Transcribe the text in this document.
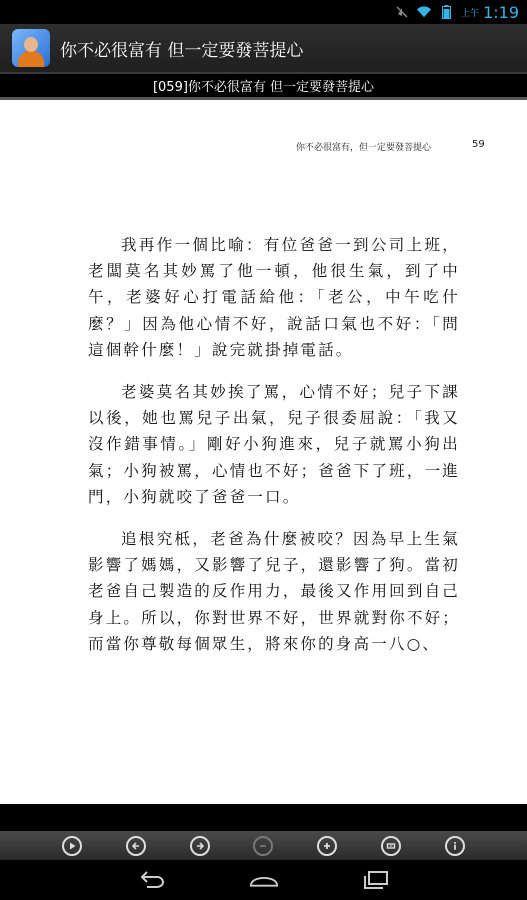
上午 1:19
你不必很富有 但一定要發菩提心
[059]你不必很富有 但一定要發菩提心
你不必很富有，但一定要發菩提心	59

我再作一個比喻：有位爸爸一到公司上班，老闆莫名其妙罵了他一頓，他很生氣，到了中午，老婆好心打電話給他：「老公，中午吃什麼？」因為他心情不好，說話口氣也不好：「問這個幹什麼！」說完就掛掉電話。

老婆莫名其妙挨了罵，心情不好；兒子下課以後，她也罵兒子出氣，兒子很委屈說：「我又沒作錯事情。」剛好小狗進來，兒子就罵小狗出氣；小狗被罵，心情也不好；爸爸下了班，一進門，小狗就咬了爸爸一口。

追根究柢，老爸為什麼被咬？因為早上生氣影響了媽媽，又影響了兒子，還影響了狗。當初老爸自己製造的反作用力，最後又作用回到自己身上。所以，你對世界不好，世界就對你不好；而當你尊敬每個眾生，將來你的身高一八○、
